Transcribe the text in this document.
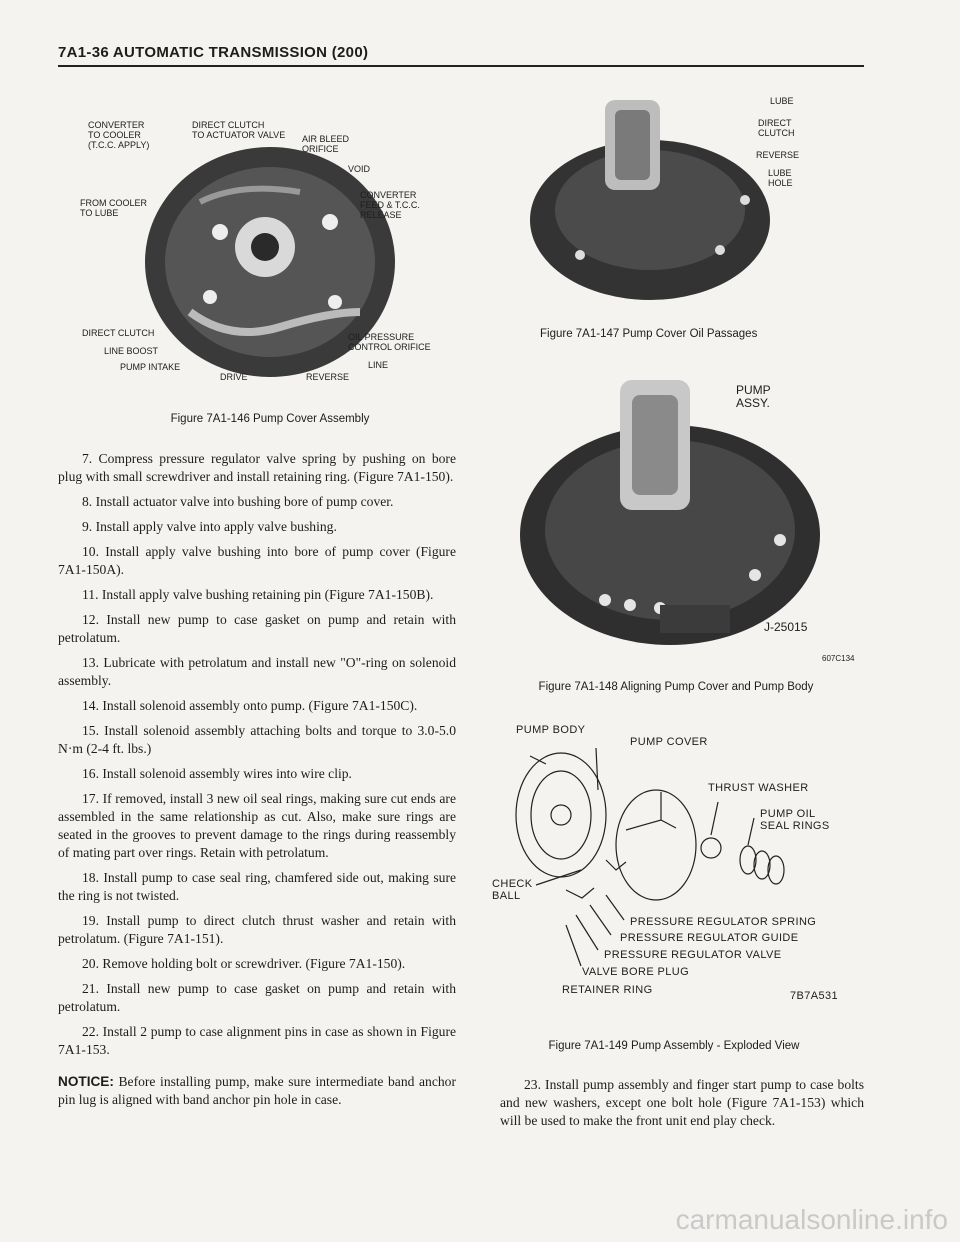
7A1-36 AUTOMATIC TRANSMISSION (200)
CONVERTER
TO COOLER
(T.C.C. APPLY)
DIRECT CLUTCH
TO ACTUATOR VALVE AIR BLEED
ORIFICE
VOID
FROM COOLER
TO LUBE
CONVERTER
FEED & T.C.C.
RELEASE
DIRECT CLUTCH
LINE BOOST
PUMP INTAKE
DRIVE	REVERSE
LINE
OIL PRESSURE
CONTROL ORIFICE
Figure 7A1-146 Pump Cover Assembly

7. Compress pressure regulator valve spring by pushing on bore plug with small screwdriver and install retaining ring. (Figure 7A1-150).

8. Install actuator valve into bushing bore of pump cover.

9. Install apply valve into apply valve bushing.

10. Install apply valve bushing into bore of pump cover (Figure 7A1-150A).

11. Install apply valve bushing retaining pin (Figure 7A1-150B).

12. Install new pump to case gasket on pump and retain with petrolatum.

13. Lubricate with petrolatum and install new "O"-ring on solenoid assembly.

14. Install solenoid assembly onto pump. (Figure 7A1-150C).

15. Install solenoid assembly attaching bolts and torque to 3.0-5.0 N·m (2-4 ft. lbs.)

16. Install solenoid assembly wires into wire clip.

17. If removed, install 3 new oil seal rings, making sure cut ends are assembled in the same relationship as cut. Also, make sure rings are seated in the grooves to prevent damage to the rings during reassembly of mating part over rings. Retain with petrolatum.

18. Install pump to case seal ring, chamfered side out, making sure the ring is not twisted.

19. Install pump to direct clutch thrust washer and retain with petrolatum. (Figure 7A1-151).

20. Remove holding bolt or screwdriver. (Figure 7A1-150).

21. Install new pump to case gasket on pump and retain with petrolatum.

22. Install 2 pump to case alignment pins in case as shown in Figure 7A1-153.

NOTICE: Before installing pump, make sure intermediate band anchor pin lug is aligned with band anchor pin hole in case.

LUBE
DIRECT
CLUTCH
REVERSE
LUBE
HOLE
Figure 7A1-147 Pump Cover Oil Passages
PUMP
ASSY.
J-25015
607C134
Figure 7A1-148 Aligning Pump Cover and Pump Body
PUMP BODY
PUMP COVER
THRUST WASHER
PUMP OIL
SEAL RINGS
CHECK
BALL
PRESSURE REGULATOR SPRING
PRESSURE REGULATOR GUIDE
PRESSURE REGULATOR VALVE
VALVE BORE PLUG
RETAINER RING	7B7A531
Figure 7A1-149 Pump Assembly - Exploded View

23. Install pump assembly and finger start pump to case bolts and new washers, except one bolt hole (Figure 7A1-153) which will be used to make the front unit end play check.

carmanualsonline.info
